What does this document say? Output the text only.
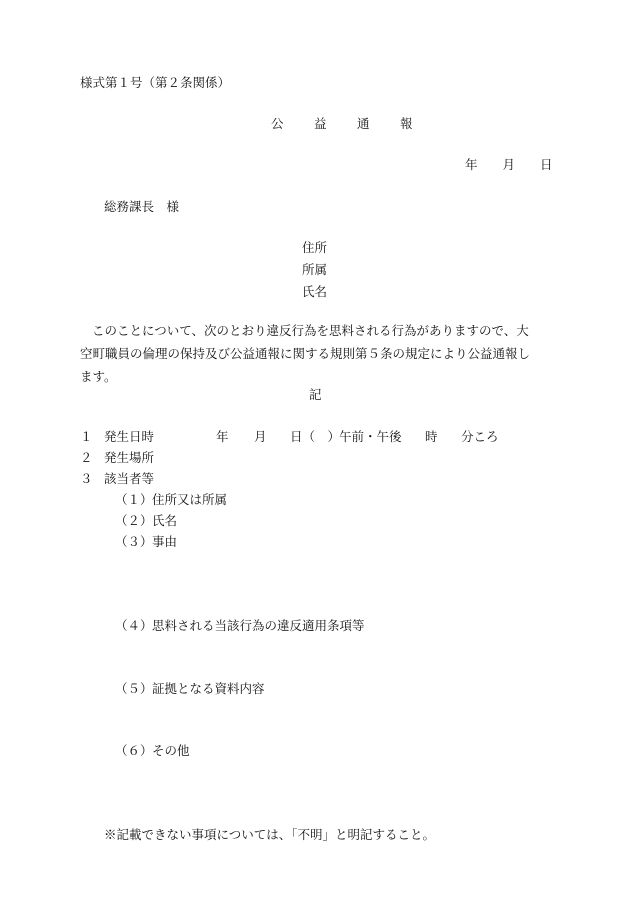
様式第１号（第２条関係）
公　益　通　報
年　　月　　日
総務課長　様
住所
所属
氏名

このことについて、次のとおり違反行為を思料される行為がありますので、大空町職員の倫理の保持及び公益通報に関する規則第５条の規定により公益通報します。

記
１ 発生日時	年 月 日（　）
午前・午後 時 分ころ
２ 発生場所
３ 該当者等
（１） 住所又は所属
（２） 氏名
（３） 事由
（４） 思料される当該行為の違反適用条項等
（５） 証拠となる資料内容
（６） その他
※記載できない事項については、「不明」と明記すること。
